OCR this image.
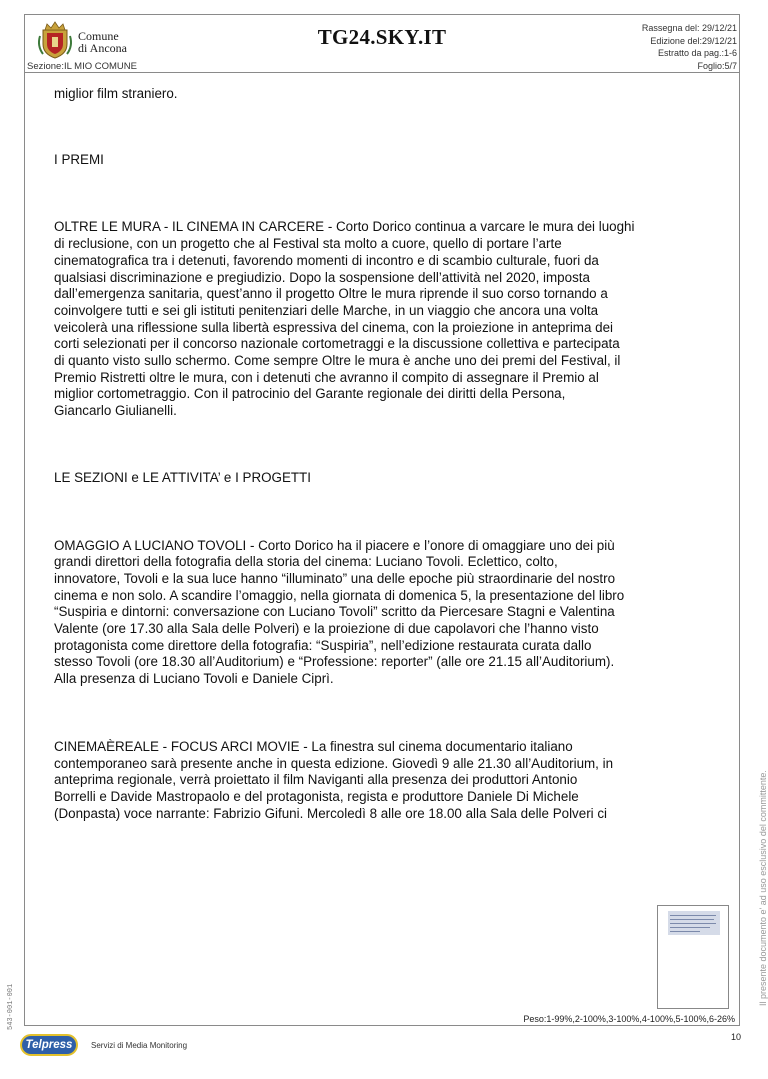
Comune
di Ancona
Sezione:IL MIO COMUNE
TG24.SKY.IT	Rassegna del: 29/12/21
Edizione del:29/12/21
Estratto da pag.:1-6
Foglio:5/7

miglior film straniero.

I PREMI

OLTRE LE MURA - IL CINEMA IN CARCERE - Corto Dorico continua a varcare le mura dei luoghi
di reclusione, con un progetto che al Festival sta molto a cuore, quello di portare l’arte
cinematografica tra i detenuti, favorendo momenti di incontro e di scambio culturale, fuori da
qualsiasi discriminazione e pregiudizio. Dopo la sospensione dell’attività nel 2020, imposta
dall’emergenza sanitaria, quest’anno il progetto Oltre le mura riprende il suo corso tornando a
coinvolgere tutti e sei gli istituti penitenziari delle Marche, in un viaggio che ancora una volta
veicolerà una riflessione sulla libertà espressiva del cinema, con la proiezione in anteprima dei
corti selezionati per il concorso nazionale cortometraggi e la discussione collettiva e partecipata
di quanto visto sullo schermo. Come sempre Oltre le mura è anche uno dei premi del Festival, il
Premio Ristretti oltre le mura, con i detenuti che avranno il compito di assegnare il Premio al
miglior cortometraggio. Con il patrocinio del Garante regionale dei diritti della Persona,
Giancarlo Giulianelli.

LE SEZIONI e LE ATTIVITA’ e I PROGETTI

OMAGGIO A LUCIANO TOVOLI - Corto Dorico ha il piacere e l’onore di omaggiare uno dei più
grandi direttori della fotografia della storia del cinema: Luciano Tovoli. Eclettico, colto,
innovatore, Tovoli e la sua luce hanno “illuminato” una delle epoche più straordinarie del nostro
cinema e non solo. A scandire l’omaggio, nella giornata di domenica 5, la presentazione del libro
“Suspiria e dintorni: conversazione con Luciano Tovoli” scritto da Piercesare Stagni e Valentina
Valente (ore 17.30 alla Sala delle Polveri) e la proiezione di due capolavori che l’hanno visto
protagonista come direttore della fotografia: “Suspiria”, nell’edizione restaurata curata dallo
stesso Tovoli (ore 18.30 all’Auditorium) e “Professione: reporter” (alle ore 21.15 all’Auditorium).
Alla presenza di Luciano Tovoli e Daniele Ciprì.

CINEMAÈREALE - FOCUS ARCI MOVIE - La finestra sul cinema documentario italiano
contemporaneo sarà presente anche in questa edizione. Giovedì 9 alle 21.30 all’Auditorium, in
anteprima regionale, verrà proiettato il film Naviganti alla presenza dei produttori Antonio
Borrelli e Davide Mastropaolo e del protagonista, regista e produttore Daniele Di Michele
(Donpasta) voce narrante: Fabrizio Gifuni. Mercoledì 8 alle ore 18.00 alla Sala delle Polveri ci

Peso:1-99%,2-100%,3-100%,4-100%,5-100%,6-26%
10
Il presente documento e' ad uso esclusivo del committente.
543-001-001
Telpress	Servizi di Media Monitoring
